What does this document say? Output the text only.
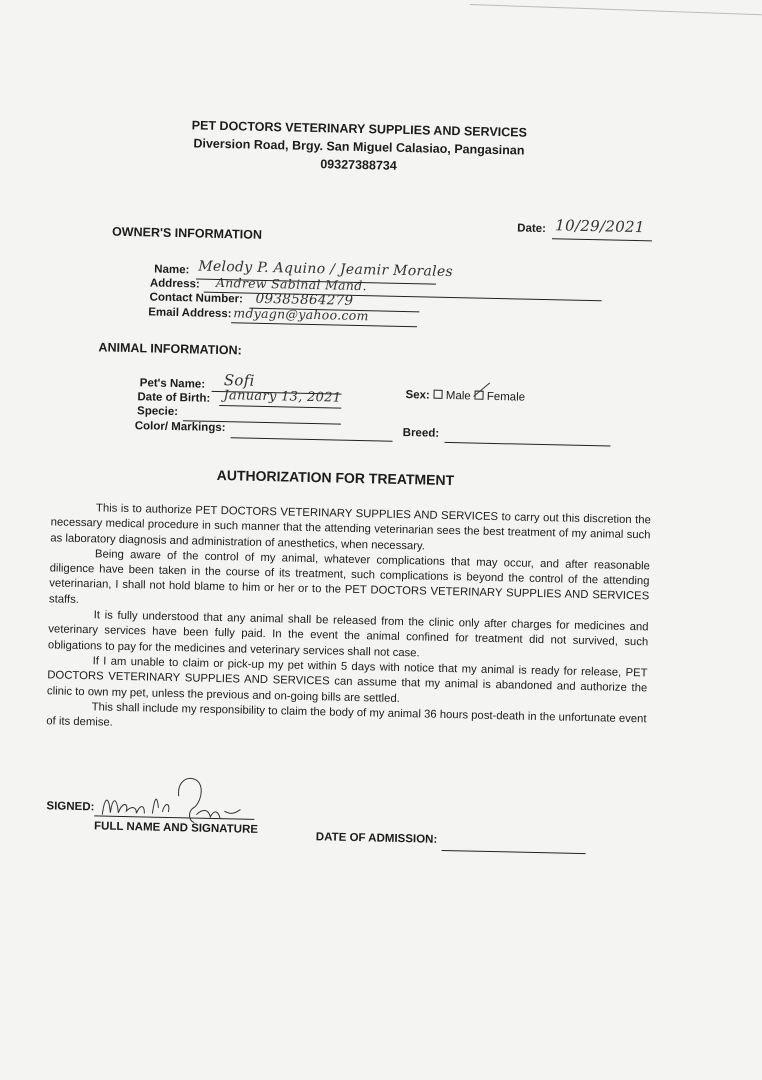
PET DOCTORS VETERINARY SUPPLIES AND SERVICES
Diversion Road, Brgy. San Miguel Calasiao, Pangasinan
09327388734
OWNER'S INFORMATION	Date: 10/29/2021
Name: Melody P. Aquino / Jeamir Morales
Address: Andrew Sabinal Mand.
Contact Number: 09385864279
Email Address: mdyagn@yahoo.com
ANIMAL INFORMATION:
Pet's Name: Sofi
Date of Birth: January 13, 2021
Specie:
Color/ Markings:
Sex: Male Female
Breed:
AUTHORIZATION FOR TREATMENT

This is to authorize PET DOCTORS VETERINARY SUPPLIES AND SERVICES to carry out this discretion the necessary medical procedure in such manner that the attending veterinarian sees the best treatment of my animal such as laboratory diagnosis and administration of anesthetics, when necessary.

Being aware of the control of my animal, whatever complications that may occur, and after reasonable diligence have been taken in the course of its treatment, such complications is beyond the control of the attending veterinarian, I shall not hold blame to him or her or to the PET DOCTORS VETERINARY SUPPLIES AND SERVICES staffs.

It is fully understood that any animal shall be released from the clinic only after charges for medicines and veterinary services have been fully paid. In the event the animal confined for treatment did not survived, such obligations to pay for the medicines and veterinary services shall not case.

If I am unable to claim or pick-up my pet within 5 days with notice that my animal is ready for release, PET DOCTORS VETERINARY SUPPLIES AND SERVICES can assume that my animal is abandoned and authorize the clinic to own my pet, unless the previous and on-going bills are settled.

This shall include my responsibility to claim the body of my animal 36 hours post-death in the unfortunate event of its demise.

SIGNED:
FULL NAME AND SIGNATURE
DATE OF ADMISSION:
